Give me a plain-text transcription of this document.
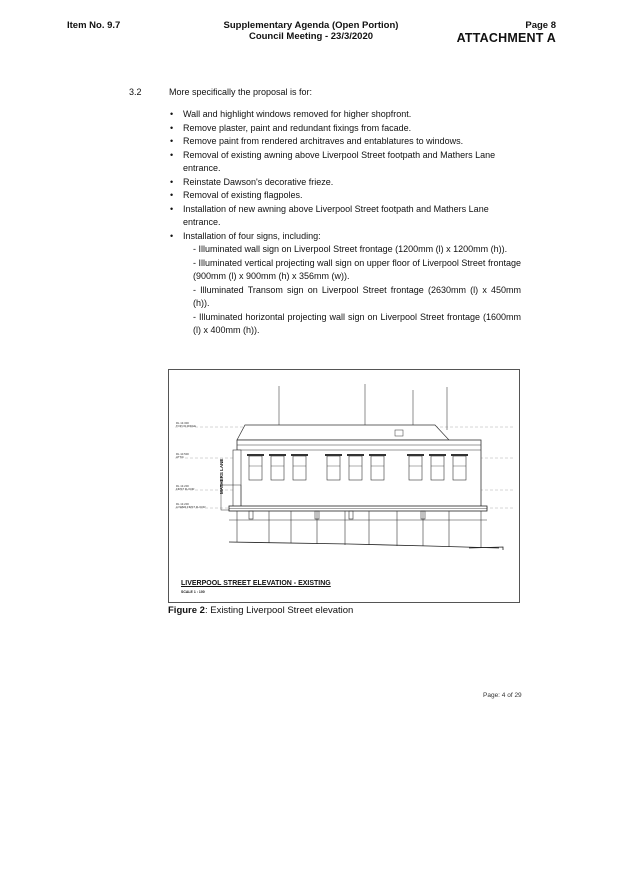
Item No. 9.7	Supplementary Agenda (Open Portion)
Council Meeting - 23/3/2020
Page 8
ATTACHMENT A
3.2	More specifically the proposal is for:
• Wall and highlight windows removed for higher shopfront.
• Remove plaster, paint and redundant fixings from facade.
• Remove paint from rendered architraves and entablatures to windows.
• Removal of existing awning above Liverpool Street footpath and Mathers Lane entrance.
• Reinstate Dawson's decorative frieze.
• Removal of existing flagpoles.
• Installation of new awning above Liverpool Street footpath and Mathers Lane entrance.
• Installation of four signs, including:
- Illuminated wall sign on Liverpool Street frontage (1200mm (l) x 1200mm (h)).
- Illuminated vertical projecting wall sign on upper floor of Liverpool Street frontage (900mm (l) x 900mm (h) x 356mm (w)).
- Illuminated Transom sign on Liverpool Street frontage (2630mm (l) x 450mm (h)).
- Illuminated horizontal projecting wall sign on Liverpool Street frontage (1600mm (l) x 400mm (h)).
RL 13.300
TOP OF RIDGE
RL 10.500
ATTIC
RL 13.200
FIRST FLOOR
RL 13.200
LOWER FIRST FLOOR
MATHERS LANE
LIVERPOOL STREET ELEVATION - EXISTING
SCALE 1 : 100
Figure 2: Existing Liverpool Street elevation
Page: 4 of 29
